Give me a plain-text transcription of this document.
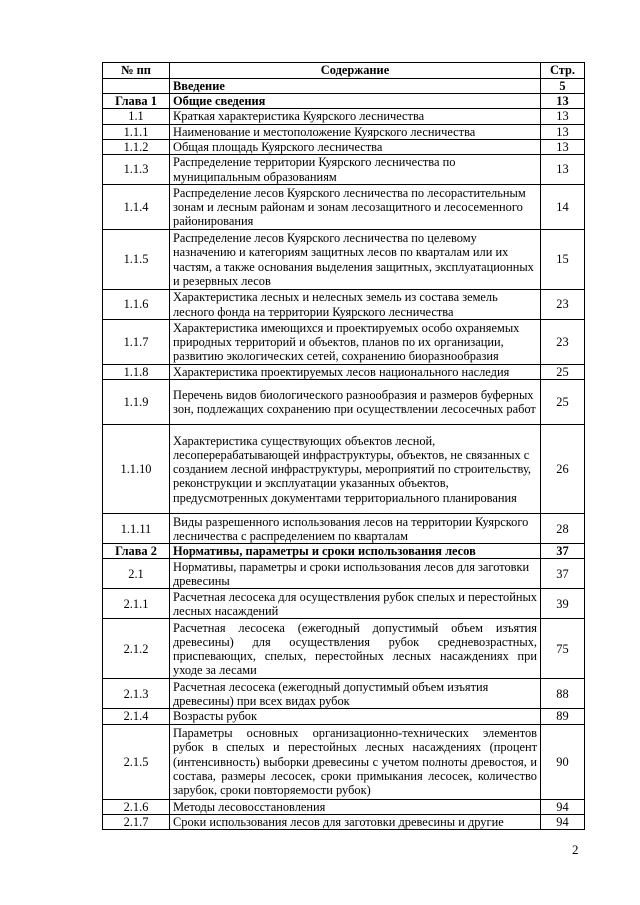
№ пп	Содержание	Стр.
	Введение	5
Глава 1	Общие сведения	13
1.1	Краткая характеристика Куярского лесничества	13
1.1.1	Наименование и местоположение Куярского лесничества	13
1.1.2	Общая площадь Куярского лесничества	13
1.1.3	Распределение территории Куярского лесничества по муниципальным образованиям	13
1.1.4	Распределение лесов Куярского лесничества по лесорастительным зонам и лесным районам и зонам лесозащитного и лесосеменного районирования	14
1.1.5	Распределение лесов Куярского лесничества по целевому назначению и категориям защитных лесов по кварталам или их частям, а также основания выделения защитных, эксплуатационных и резервных лесов	15
1.1.6	Характеристика лесных и нелесных земель из состава земель лесного фонда на территории Куярского лесничества	23
1.1.7	Характеристика имеющихся и проектируемых особо охраняемых природных территорий и объектов, планов по их организации, развитию экологических сетей, сохранению биоразнообразия	23
1.1.8	Характеристика проектируемых лесов национального наследия	25
1.1.9	Перечень видов биологического разнообразия и размеров буферных зон, подлежащих сохранению при осуществлении лесосечных работ	25
1.1.10	Характеристика существующих объектов лесной, лесоперерабатывающей инфраструктуры, объектов, не связанных с созданием лесной инфраструктуры, мероприятий по строительству, реконструкции и эксплуатации указанных объектов, предусмотренных документами территориального планирования	26
1.1.11	Виды разрешенного использования лесов на территории Куярского лесничества с распределением по кварталам	28
Глава 2	Нормативы, параметры и сроки использования лесов	37
2.1	Нормативы, параметры и сроки использования лесов для заготовки древесины	37
2.1.1	Расчетная лесосека для осуществления рубок спелых и перестойных лесных насаждений	39
2.1.2	Расчетная лесосека (ежегодный допустимый объем изъятия древесины) для осуществления рубок средневозрастных, приспевающих, спелых, перестойных лесных насаждениях при уходе за лесами	75
2.1.3	Расчетная лесосека (ежегодный допустимый объем изъятия древесины) при всех видах рубок	88
2.1.4	Возрасты рубок	89
2.1.5	Параметры основных организационно-технических элементов рубок в спелых и перестойных лесных насаждениях (процент (интенсивность) выборки древесины с учетом полноты древостоя, и состава, размеры лесосек, сроки примыкания лесосек, количество зарубок, сроки повторяемости рубок)	90
2.1.6	Методы лесовосстановления	94
2.1.7	Сроки использования лесов для заготовки древесины и другие	94
2
